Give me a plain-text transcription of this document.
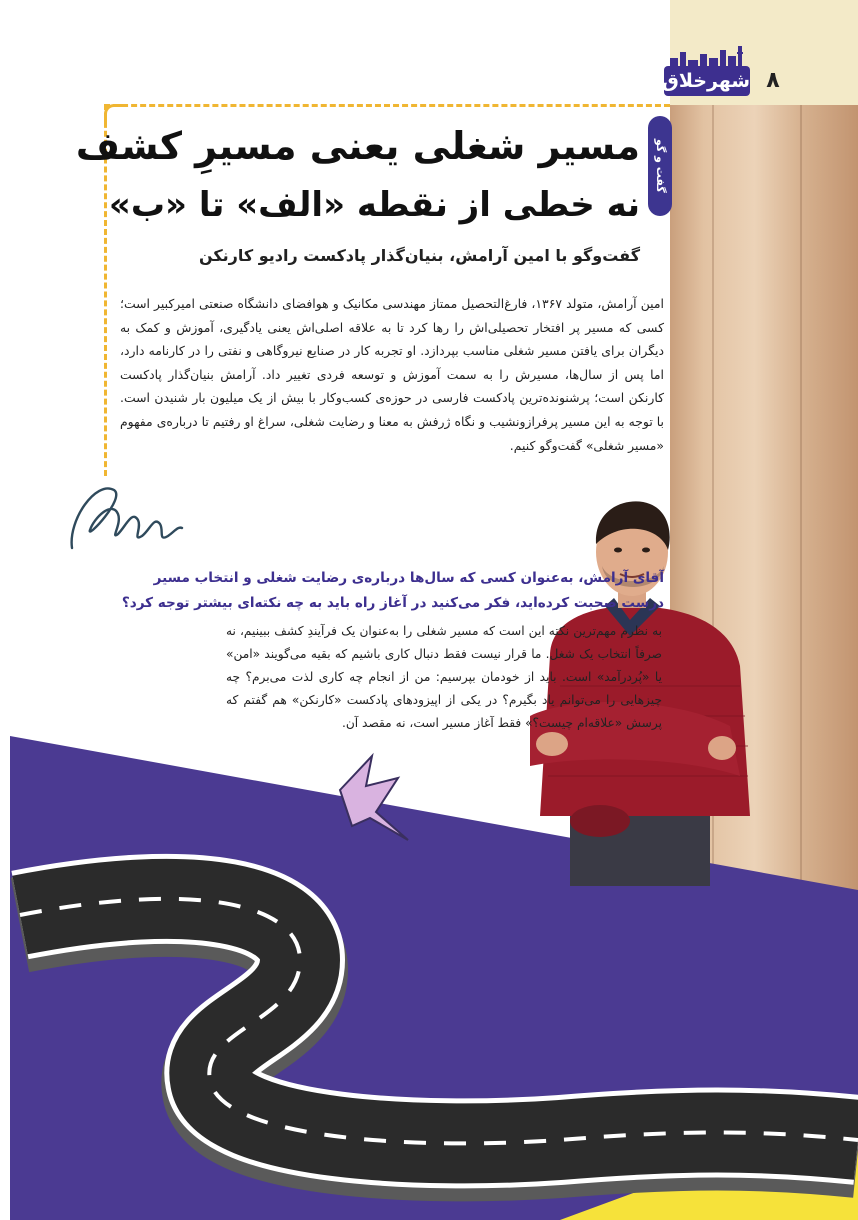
شهرخلاق ۸
گفت و گو
مسیر شغلی یعنی مسیرِ کشف
نه خطی از نقطه «الف» تا «ب»
گفت‌وگو با امین آرامش، بنیان‌گذار پادکست رادیو کارنکن

امین آرامش، متولد ۱۳۶۷، فارغ‌التحصیل ممتاز مهندسی مکانیک و هوافضای دانشگاه صنعتی امیرکبیر است؛ کسی که مسیر پر افتخار تحصیلی‌اش را رها کرد تا به علاقه اصلی‌اش یعنی یادگیری، آموزش و کمک به دیگران برای یافتن مسیر شغلی مناسب بپردازد. او تجربه کار در صنایع نیروگاهی و نفتی را در کارنامه دارد، اما پس از سال‌ها، مسیرش را به سمت آموزش و توسعه فردی تغییر داد. آرامش بنیان‌گذار پادکست کارنکن است؛ پرشنونده‌ترین پادکست فارسی در حوزه‌ی کسب‌وکار با بیش از یک میلیون بار شنیدن است. با توجه به این مسیر پرفرازونشیب و نگاه ژرفش به معنا و رضایت شغلی، سراغ او رفتیم تا درباره‌ی مفهوم «مسیر شغلی» گفت‌وگو کنیم.

آقای آرامش، به‌عنوان کسی که سال‌ها درباره‌ی رضایت شغلی و انتخاب مسیر درست صحبت کرده‌اید، فکر می‌کنید در آغاز راه باید به چه نکته‌ای بیشتر توجه کرد؟

به نظرم مهم‌ترین نکته این است که مسیر شغلی را به‌عنوان یک فرآیندِ کشف ببینیم، نه صرفاً انتخاب یک شغل. ما قرار نیست فقط دنبال کاری باشیم که بقیه می‌گویند «امن» یا «پُردرآمد» است. باید از خودمان بپرسیم: من از انجام چه کاری لذت می‌برم؟ چه چیزهایی را می‌توانم یاد بگیرم؟ در یکی از اپیزودهای پادکست «کارنکن» هم گفتم که پرسش «علاقه‌ام چیست؟» فقط آغاز مسیر است، نه مقصد آن.
